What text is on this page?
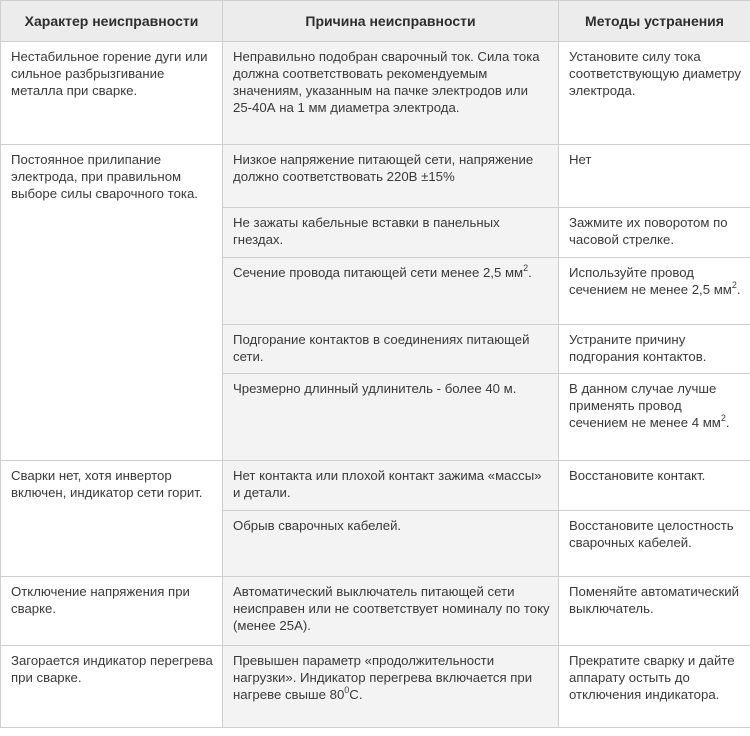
Характер неисправности	Причина неисправности	Методы устранения
Нестабильное горение дуги или сильное разбрызгивание металла при сварке.	Неправильно подобран сварочный ток. Сила тока должна соответствовать рекомендуемым значениям, указанным на пачке электродов или 25-40А на 1 мм диаметра электрода.	Установите силу тока соответствующую диаметру электрода.
Постоянное прилипание электрода, при правильном выборе силы сварочного тока.	Низкое напряжение питающей сети, напряжение должно соответствовать 220В ±15%	Нет
	Не зажаты кабельные вставки в панельных гнездах.	Зажмите их поворотом по часовой стрелке.
	Сечение провода питающей сети менее 2,5 $мм^2$.	Используйте провод сечением не менее 2,5 $мм^2$.
	Подгорание контактов в соединениях питающей сети.	Устраните причину подгорания контактов.
	Чрезмерно длинный удлинитель - более 40 м.	В данном случае лучше применять провод сечением не менее 4 $мм^2$.
Сварки нет, хотя инвертор включен, индикатор сети горит.	Нет контакта или плохой контакт зажима «массы» и детали.	Восстановите контакт.
	Обрыв сварочных кабелей.	Восстановите целостность сварочных кабелей.
Отключение напряжения при сварке.	Автоматический выключатель питающей сети неисправен или не соответствует номиналу по току (менее 25А).	Поменяйте автоматический выключатель.
Загорается индикатор перегрева при сварке.	Превышен параметр «продолжительности нагрузки». Индикатор перегрева включается при нагреве свыше $80^0С$.	Прекратите сварку и дайте аппарату остыть до отключения индикатора.
